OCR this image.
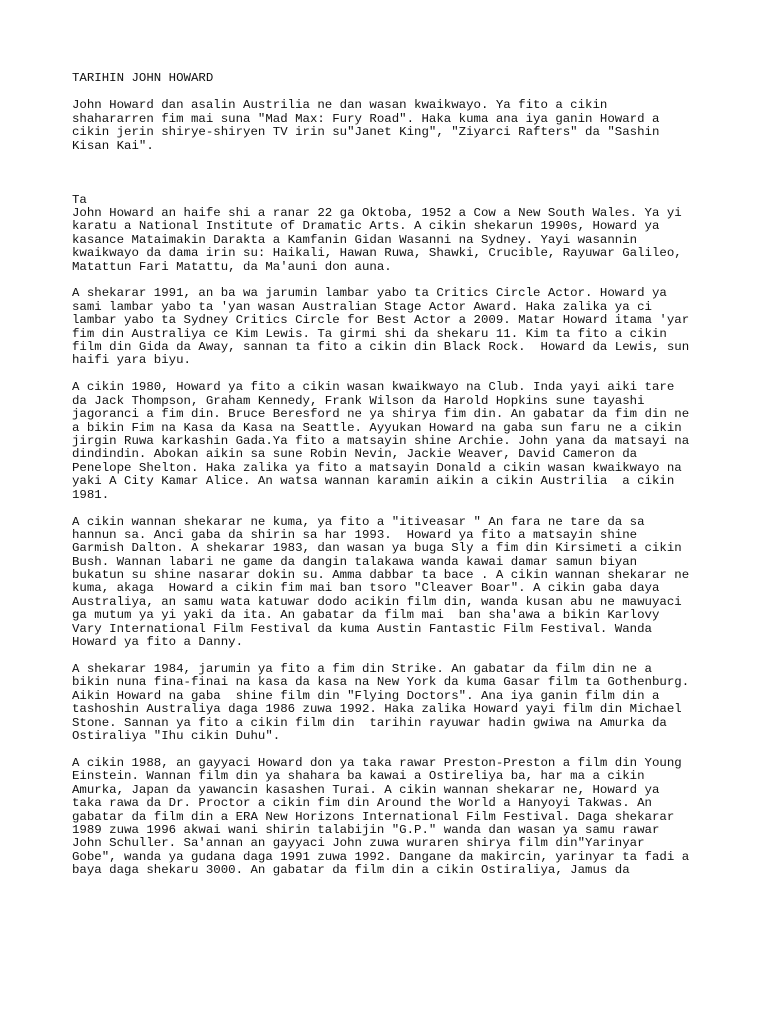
TARIHIN JOHN HOWARD
John Howard dan asalin Austrilia ne dan wasan kwaikwayo. Ya fito a cikin
shahararren fim mai suna "Mad Max: Fury Road". Haka kuma ana iya ganin Howard a
cikin jerin shirye-shiryen TV irin su"Janet King", "Ziyarci Rafters" da "Sashin
Kisan Kai".
Ta
John Howard an haife shi a ranar 22 ga Oktoba, 1952 a Cow a New South Wales. Ya yi
karatu a National Institute of Dramatic Arts. A cikin shekarun 1990s, Howard ya
kasance Mataimakin Darakta a Kamfanin Gidan Wasanni na Sydney. Yayi wasannin
kwaikwayo da dama irin su: Haikali, Hawan Ruwa, Shawki, Crucible, Rayuwar Galileo,
Matattun Fari Matattu, da Ma'auni don auna.
A shekarar 1991, an ba wa jarumin lambar yabo ta Critics Circle Actor. Howard ya
sami lambar yabo ta 'yan wasan Australian Stage Actor Award. Haka zalika ya ci
lambar yabo ta Sydney Critics Circle for Best Actor a 2009. Matar Howard itama 'yar
fim din Australiya ce Kim Lewis. Ta girmi shi da shekaru 11. Kim ta fito a cikin
film din Gida da Away, sannan ta fito a cikin din Black Rock.  Howard da Lewis, sun
haifi yara biyu.
A cikin 1980, Howard ya fito a cikin wasan kwaikwayo na Club. Inda yayi aiki tare
da Jack Thompson, Graham Kennedy, Frank Wilson da Harold Hopkins sune tayashi
jagoranci a fim din. Bruce Beresford ne ya shirya fim din. An gabatar da fim din ne
a bikin Fim na Kasa da Kasa na Seattle. Ayyukan Howard na gaba sun faru ne a cikin
jirgin Ruwa karkashin Gada.Ya fito a matsayin shine Archie. John yana da matsayi na
dindindin. Abokan aikin sa sune Robin Nevin, Jackie Weaver, David Cameron da
Penelope Shelton. Haka zalika ya fito a matsayin Donald a cikin wasan kwaikwayo na
yaki A City Kamar Alice. An watsa wannan karamin aikin a cikin Austrilia  a cikin
1981.
A cikin wannan shekarar ne kuma, ya fito a "itiveasar " An fara ne tare da sa
hannun sa. Anci gaba da shirin sa har 1993.  Howard ya fito a matsayin shine
Garmish Dalton. A shekarar 1983, dan wasan ya buga Sly a fim din Kirsimeti a cikin
Bush. Wannan labari ne game da dangin talakawa wanda kawai damar samun biyan
bukatun su shine nasarar dokin su. Amma dabbar ta bace . A cikin wannan shekarar ne
kuma, akaga  Howard a cikin fim mai ban tsoro "Cleaver Boar". A cikin gaba daya
Australiya, an samu wata katuwar dodo acikin film din, wanda kusan abu ne mawuyaci
ga mutum ya yi yaki da ita. An gabatar da film mai  ban sha'awa a bikin Karlovy
Vary International Film Festival da kuma Austin Fantastic Film Festival. Wanda
Howard ya fito a Danny.
A shekarar 1984, jarumin ya fito a fim din Strike. An gabatar da film din ne a
bikin nuna fina-finai na kasa da kasa na New York da kuma Gasar film ta Gothenburg.
Aikin Howard na gaba  shine film din "Flying Doctors". Ana iya ganin film din a
tashoshin Australiya daga 1986 zuwa 1992. Haka zalika Howard yayi film din Michael
Stone. Sannan ya fito a cikin film din  tarihin rayuwar hadin gwiwa na Amurka da
Ostiraliya "Ihu cikin Duhu".
A cikin 1988, an gayyaci Howard don ya taka rawar Preston-Preston a film din Young
Einstein. Wannan film din ya shahara ba kawai a Ostireliya ba, har ma a cikin
Amurka, Japan da yawancin kasashen Turai. A cikin wannan shekarar ne, Howard ya
taka rawa da Dr. Proctor a cikin fim din Around the World a Hanyoyi Takwas. An
gabatar da film din a ERA New Horizons International Film Festival. Daga shekarar
1989 zuwa 1996 akwai wani shirin talabijin "G.P." wanda dan wasan ya samu rawar
John Schuller. Sa'annan an gayyaci John zuwa wuraren shirya film din"Yarinyar
Gobe", wanda ya gudana daga 1991 zuwa 1992. Dangane da makircin, yarinyar ta fadi a
baya daga shekaru 3000. An gabatar da film din a cikin Ostiraliya, Jamus da
